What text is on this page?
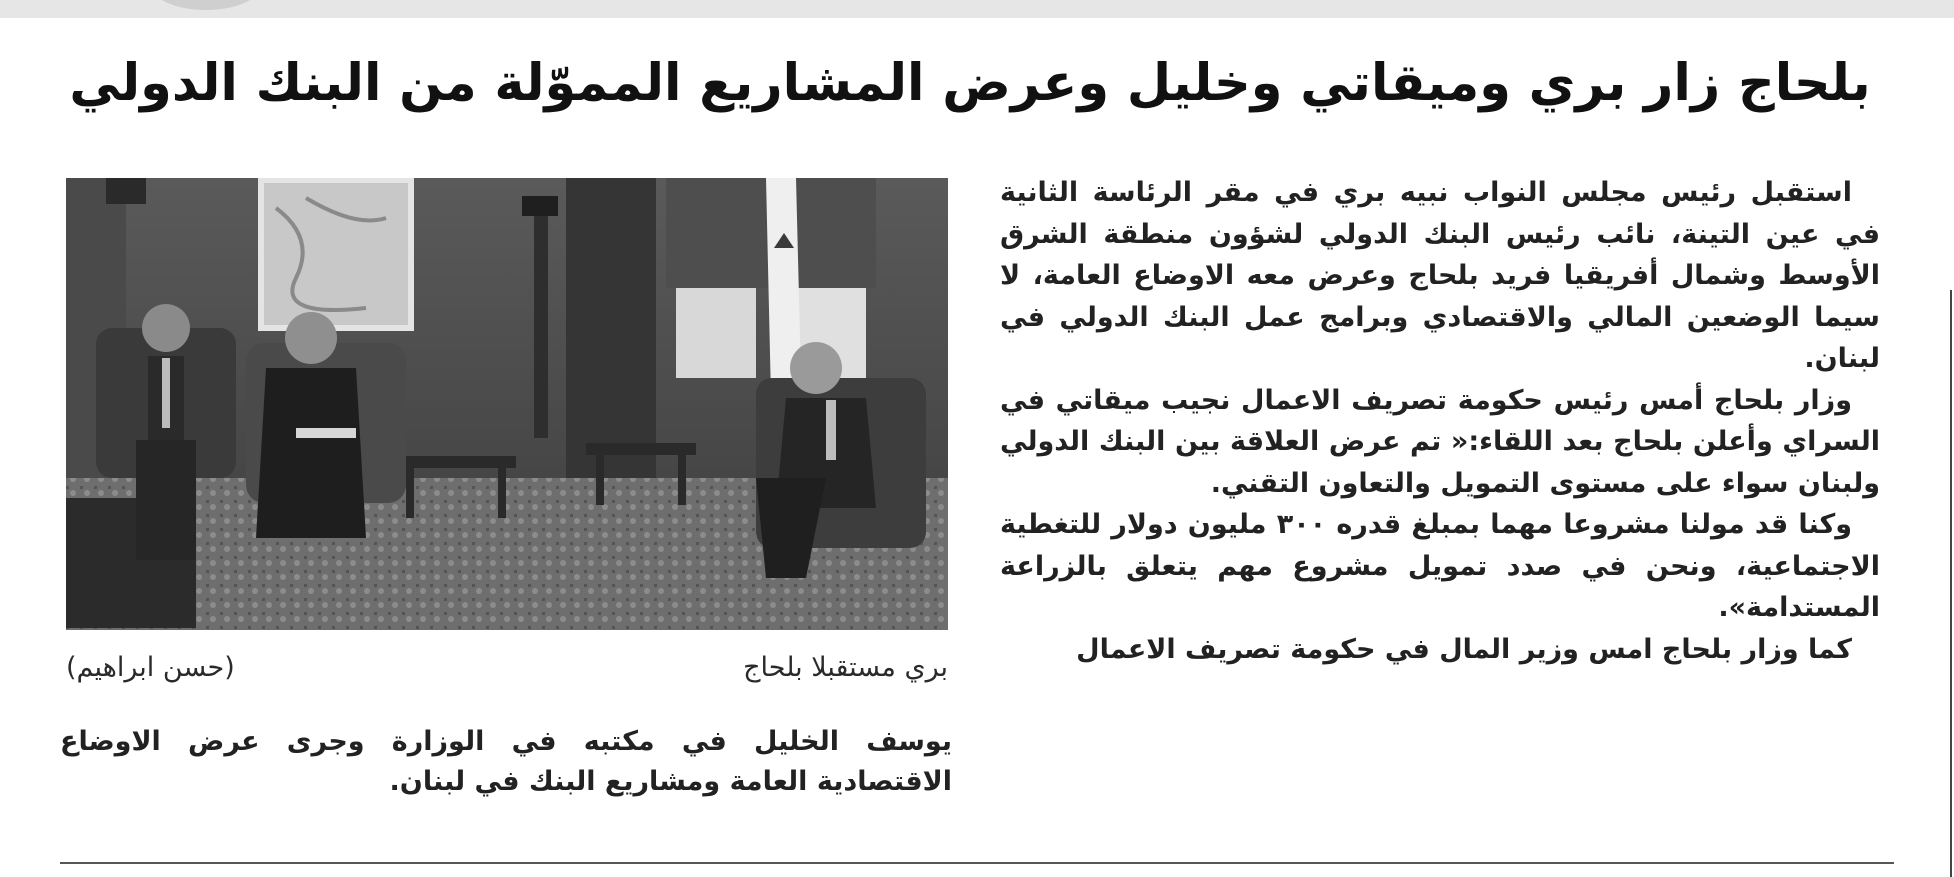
بلحاج زار بري وميقاتي وخليل وعرض المشاريع المموّلة من البنك الدولي

استقبل رئيس مجلس النواب نبيه بري في مقر الرئاسة الثانية في عين التينة، نائب رئيس البنك الدولي لشؤون منطقة الشرق الأوسط وشمال أفريقيا فريد بلحاج وعرض معه الاوضاع العامة، لا سيما الوضعين المالي والاقتصادي وبرامج عمل البنك الدولي في لبنان.

وزار بلحاج أمس رئيس حكومة تصريف الاعمال نجيب ميقاتي في السراي وأعلن بلحاج بعد اللقاء:« تم عرض العلاقة بين البنك الدولي ولبنان سواء على مستوى التمويل والتعاون التقني.

وكنا قد مولنا مشروعا مهما بمبلغ قدره ٣٠٠ مليون دولار للتغطية الاجتماعية، ونحن في صدد تمويل مشروع مهم يتعلق بالزراعة المستدامة».

كما وزار بلحاج امس وزير المال في حكومة تصريف الاعمال

بري مستقبلا بلحاج
(حسن ابراهيم)

يوسف الخليل في مكتبه في الوزارة وجرى عرض الاوضاع الاقتصادية العامة ومشاريع البنك في لبنان.
